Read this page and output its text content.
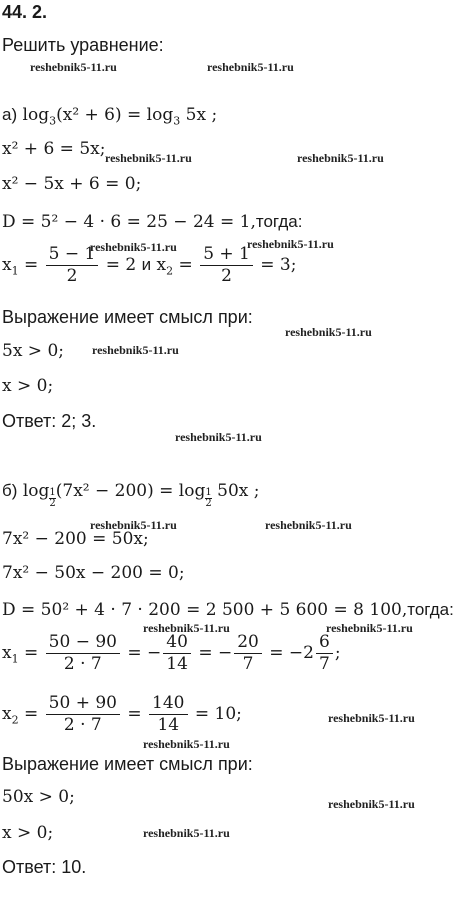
44. 2.
Решить уравнение:
а) $\log_3(x^2 + 6) = \log_3 5x$ ;
x² + 6 = 5x;
x² − 5x + 6 = 0;
D = 5² − 4 · 6 = 25 − 24 = 1,тогда:
$x_1 = \frac{5 - 1}{2} = 2$ и $x_2 = \frac{5 + 1}{2} = 3$;
Выражение имеет смысл при:
5x > 0;
x > 0;
Ответ: 2; 3.
б) $\log \frac{1}{2} (7x^2 - 200) = \log \frac{1}{2} 50x$ ;
7x² − 200 = 50x;
7x² − 50x − 200 = 0;
D = 50² + 4 · 7 · 200 = 2 500 + 5 600 = 8 100,тогда:
$x_1 = \frac{50 - 90}{2 \cdot 7}$ = − $\frac{40}{14}$ = − $\frac{20}{7} = -2 \frac{6}{7}$ ;
$x_2 = \frac{50 + 90}{2 \cdot 7} = \frac{140}{14} = 10$;
Выражение имеет смысл при:
50x > 0;
x > 0;
Ответ: 10.
reshebnik5-11.ru	reshebnik5-11.ru
reshebnik5-11.ru	reshebnik5-11.ru
reshebnik5-11.ru	reshebnik5-11.ru
reshebnik5-11.ru
reshebnik5-11.ru
reshebnik5-11.ru
reshebnik5-11.ru	reshebnik5-11.ru
reshebnik5-11.ru	reshebnik5-11.ru
reshebnik5-11.ru
reshebnik5-11.ru
reshebnik5-11.ru
reshebnik5-11.ru
